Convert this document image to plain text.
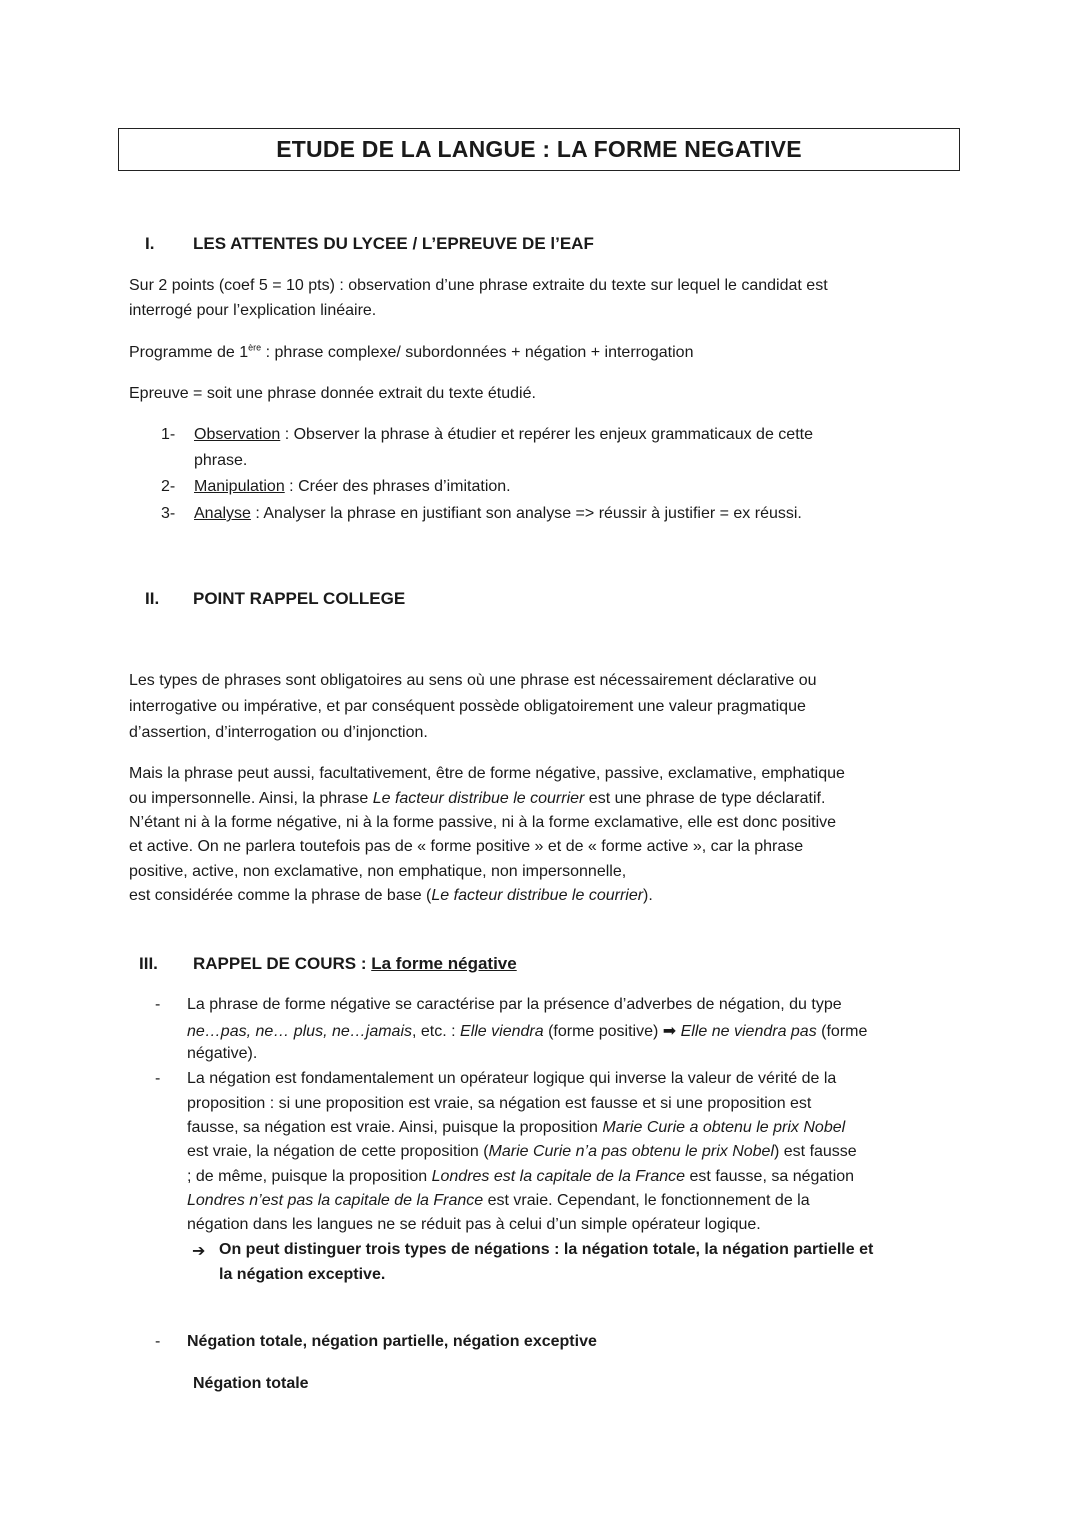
ETUDE DE LA LANGUE : LA FORME NEGATIVE
I. LES ATTENTES DU LYCEE / L’EPREUVE DE l’EAF
Sur 2 points (coef 5 = 10 pts) : observation d’une phrase extraite du texte sur lequel le candidat est
interrogé pour l’explication linéaire.
Programme de 1ère : phrase complexe/ subordonnées + négation + interrogation
Epreuve = soit une phrase donnée extrait du texte étudié.
1- Observation : Observer la phrase à étudier et repérer les enjeux grammaticaux de cette
phrase.
2- Manipulation : Créer des phrases d’imitation.
3- Analyse : Analyser la phrase en justifiant son analyse => réussir à justifier = ex réussi.
II. POINT RAPPEL COLLEGE
Les types de phrases sont obligatoires au sens où une phrase est nécessairement déclarative ou
interrogative ou impérative, et par conséquent possède obligatoirement une valeur pragmatique
d’assertion, d’interrogation ou d’injonction.
Mais la phrase peut aussi, facultativement, être de forme négative, passive, exclamative, emphatique
ou impersonnelle. Ainsi, la phrase Le facteur distribue le courrier est une phrase de type déclaratif.
N’étant ni à la forme négative, ni à la forme passive, ni à la forme exclamative, elle est donc positive
et active. On ne parlera toutefois pas de « forme positive » et de « forme active », car la phrase
positive, active, non exclamative, non emphatique, non impersonnelle,
est considérée comme la phrase de base (Le facteur distribue le courrier).
III. RAPPEL DE COURS : La forme négative
- La phrase de forme négative se caractérise par la présence d’adverbes de négation, du type
ne…pas, ne… plus, ne…jamais, etc. : Elle viendra (forme positive) ➡ Elle ne viendra pas (forme
négative).
- La négation est fondamentalement un opérateur logique qui inverse la valeur de vérité de la
proposition : si une proposition est vraie, sa négation est fausse et si une proposition est
fausse, sa négation est vraie. Ainsi, puisque la proposition Marie Curie a obtenu le prix Nobel
est vraie, la négation de cette proposition (Marie Curie n’a pas obtenu le prix Nobel) est fausse
; de même, puisque la proposition Londres est la capitale de la France est fausse, sa négation
Londres n’est pas la capitale de la France est vraie. Cependant, le fonctionnement de la
négation dans les langues ne se réduit pas à celui d’un simple opérateur logique.
➔ On peut distinguer trois types de négations : la négation totale, la négation partielle et
la négation exceptive.
- Négation totale, négation partielle, négation exceptive
Négation totale
